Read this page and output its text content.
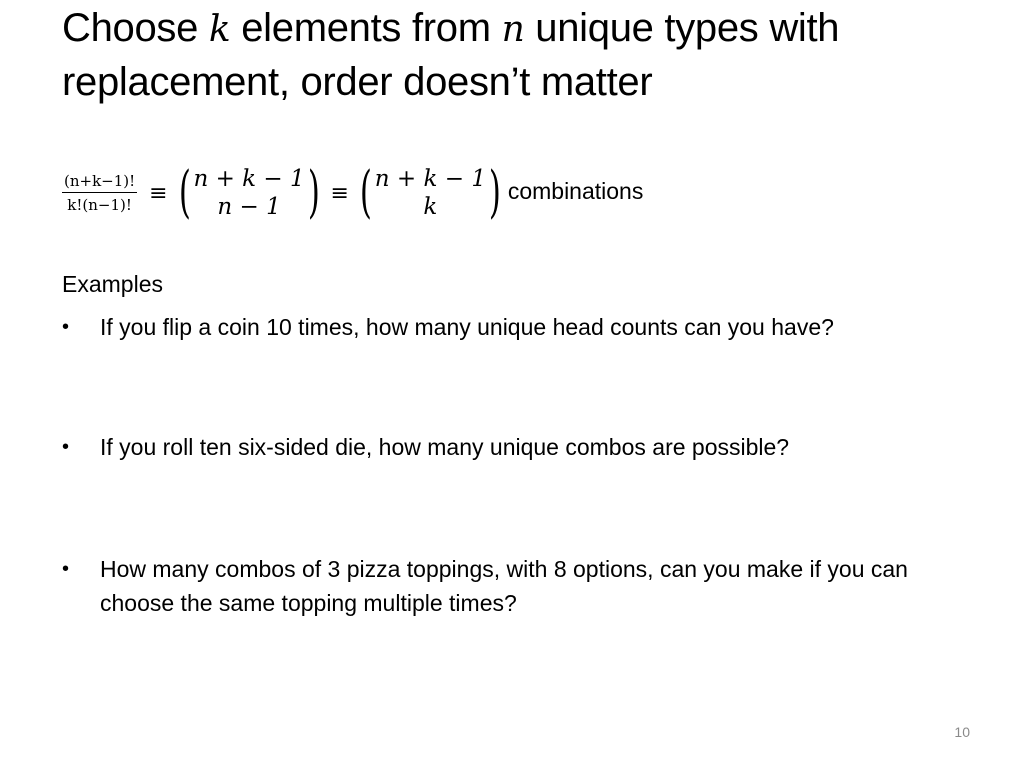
Choose k elements from n unique types with replacement, order doesn’t matter
$\frac{(n+k-1)!}{k!(n-1)!}$ ≡ ( n + k − 1
n − 1 ) ≡ ( n + k − 1
k ) combinations

Examples

• If you flip a coin 10 times, how many unique head counts can you have?
• If you roll ten six-sided die, how many unique combos are possible?
• How many combos of 3 pizza toppings, with 8 options, can you make if you can choose the same topping multiple times?
10
